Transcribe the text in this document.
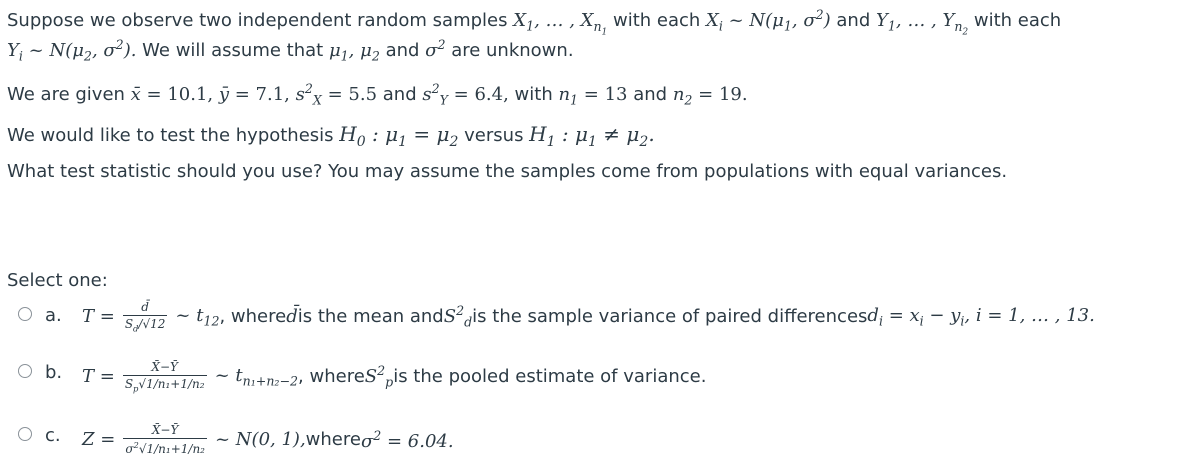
Suppose we observe two independent random samples $X_1$, … , $X_{n_1}$ with each $X_i$ ~ $N(\mu_1$, $\sigma^2$) and $Y_1$, … , $Y_{n_2}$ with each
$Y_i$ ~ $N(\mu_2$, $\sigma^2$). We will assume that $\mu_1$, $\mu_2$ and $\sigma^2$ are unknown.
We are given x̄ = 10.1, ȳ = 7.1, $s^2_X = 5.5$ and $s^2_Y = 6.4$, with $n_1 = 13$ and $n_2 = 19$.
We would like to test the hypothesis $H_0$ : $\mu_1 = \mu_2$ versus $H_1$ : $\mu_1 \ne \mu_2$.
What test statistic should you use? You may assume the samples come from populations with equal variances.
Select one:
a. $T = \frac{d̄}{S_d/√12}$ ~ $t_{12}$ , where d̄ is the mean and $S^2_d$ is the sample variance of paired differences $d_i = x_i - y_i$, i = 1, … , 13.
b. $T = \frac{X̄-Ȳ}{S_p√1/n_1+1/n_2}$ ~ $t_{n_1+n_2-2}$ , where $S^2_p$ is the pooled estimate of variance.
c. $Z = \frac{X̄-Ȳ}{\sigma^2√1/n_1+1/n_2}$ ~ N(0, 1), where $\sigma^2 = 6.04$.
